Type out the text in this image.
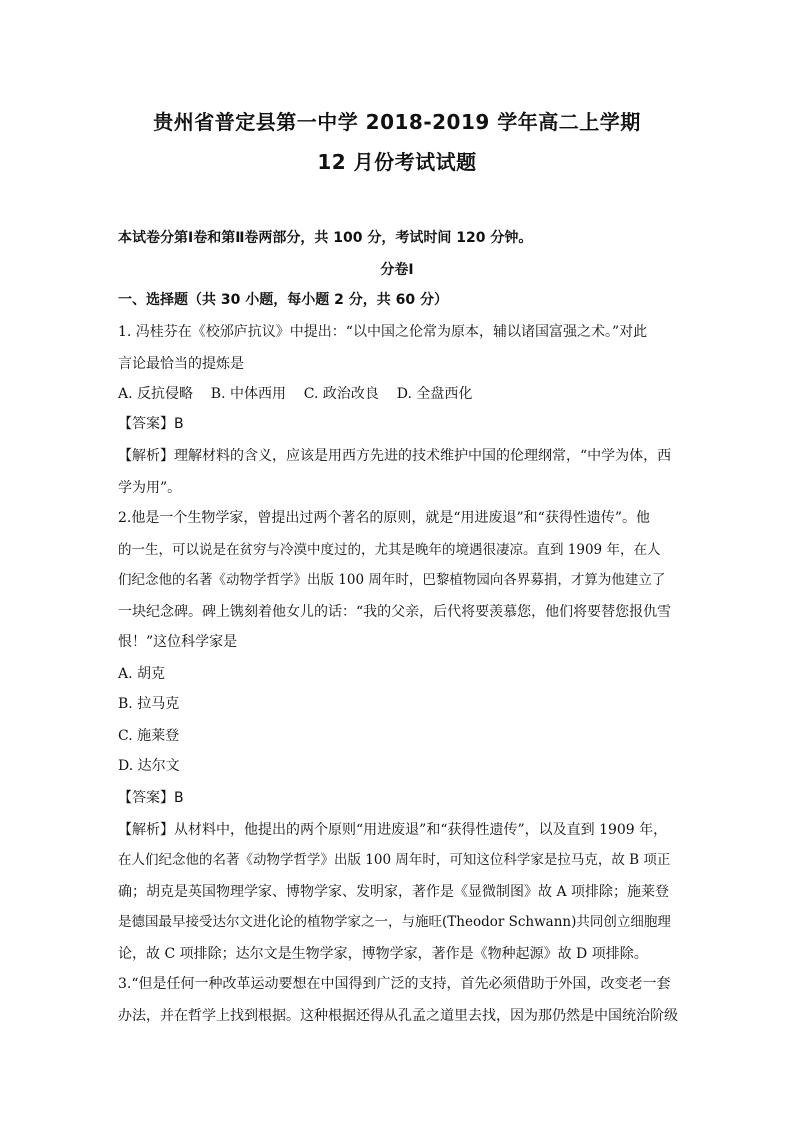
贵州省普定县第一中学 2018-2019 学年高二上学期
12 月份考试试题
本试卷分第Ⅰ卷和第Ⅱ卷两部分，共 100 分，考试时间 120 分钟。
分卷Ⅰ
一、选择题（共 30 小题，每小题 2 分，共 60 分）
1. 冯桂芬在《校邠庐抗议》中提出：“以中国之伦常为原本，辅以诸国富强之术。”对此
言论最恰当的提炼是
A. 反抗侵略    B. 中体西用    C. 政治改良    D. 全盘西化
【答案】B
【解析】理解材料的含义，应该是用西方先进的技术维护中国的伦理纲常，“中学为体，西
学为用”。
2.他是一个生物学家，曾提出过两个著名的原则，就是“用进废退”和“获得性遗传”。他
的一生，可以说是在贫穷与冷漠中度过的，尤其是晚年的境遇很凄凉。直到 1909 年，在人
们纪念他的名著《动物学哲学》出版 100 周年时，巴黎植物园向各界募捐，才算为他建立了
一块纪念碑。碑上镌刻着他女儿的话：“我的父亲，后代将要羡慕您，他们将要替您报仇雪
恨！”这位科学家是
A. 胡克
B. 拉马克
C. 施莱登
D. 达尔文
【答案】B
【解析】从材料中，他提出的两个原则“用进废退”和“获得性遗传”，以及直到 1909 年，
在人们纪念他的名著《动物学哲学》出版 100 周年时，可知这位科学家是拉马克，故 B 项正
确；胡克是英国物理学家、博物学家、发明家，著作是《显微制图》故 A 项排除；施莱登
是德国最早接受达尔文进化论的植物学家之一，与施旺(Theodor Schwann)共同创立细胞理
论，故 C 项排除；达尔文是生物学家，博物学家，著作是《物种起源》故 D 项排除。
3.“但是任何一种改革运动要想在中国得到广泛的支持，首先必须借助于外国，改变老一套
办法，并在哲学上找到根据。这种根据还得从孔孟之道里去找，因为那仍然是中国统治阶级
